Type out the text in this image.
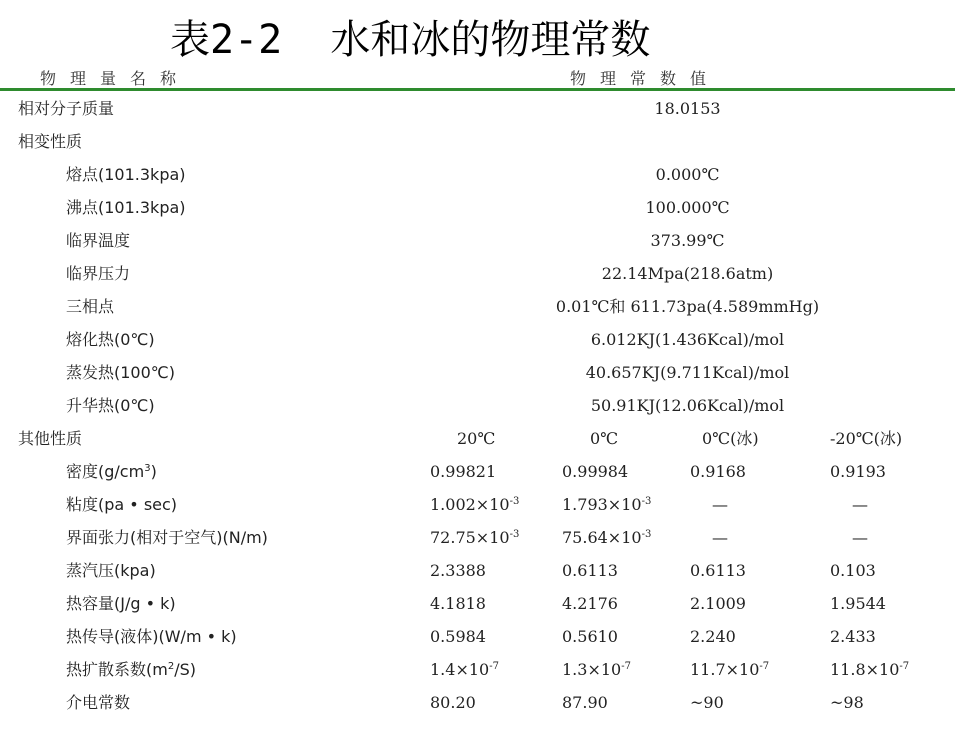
表2-2  水和冰的物理常数
物理量名称	物理常数值
相对分子质量	18.0153
相变性质
熔点(101.3kpa)	0.000℃
沸点(101.3kpa)	100.000℃
临界温度	373.99℃
临界压力	22.14Mpa(218.6atm)
三相点	0.01℃和 611.73pa(4.589mmHg)
熔化热(0℃)	6.012KJ(1.436Kcal)/mol
蒸发热(100℃)	40.657KJ(9.711Kcal)/mol
升华热(0℃)	50.91KJ(12.06Kcal)/mol
其他性质	20℃	0℃	0℃(冰)	-20℃(冰)
密度$(g/cm^3)$	0.99821	0.99984	0.9168	0.9193
粘度(pa • sec)	$1.002\times 10^{-3}$	$1.793\times 10^{-3}$	—	—
界面张力(相对于空气)(N/m)	$72.75\times 10^{-3}$	$75.64\times 10^{-3}$	—	—
蒸汽压(kpa)	2.3388	0.6113	0.6113	0.103
热容量(J/g • k)	4.1818	4.2176	2.1009	1.9544
热传导(液体)(W/m • k)	0.5984	0.5610	2.240	2.433
热扩散系数$(m^2/S)$	$1.4\times 10^{-7}$	$1.3\times 10^{-7}$	$11.7\times 10^{-7}$	$11.8\times 10^{-7}$
介电常数	80.20	87.90	~90	~98
